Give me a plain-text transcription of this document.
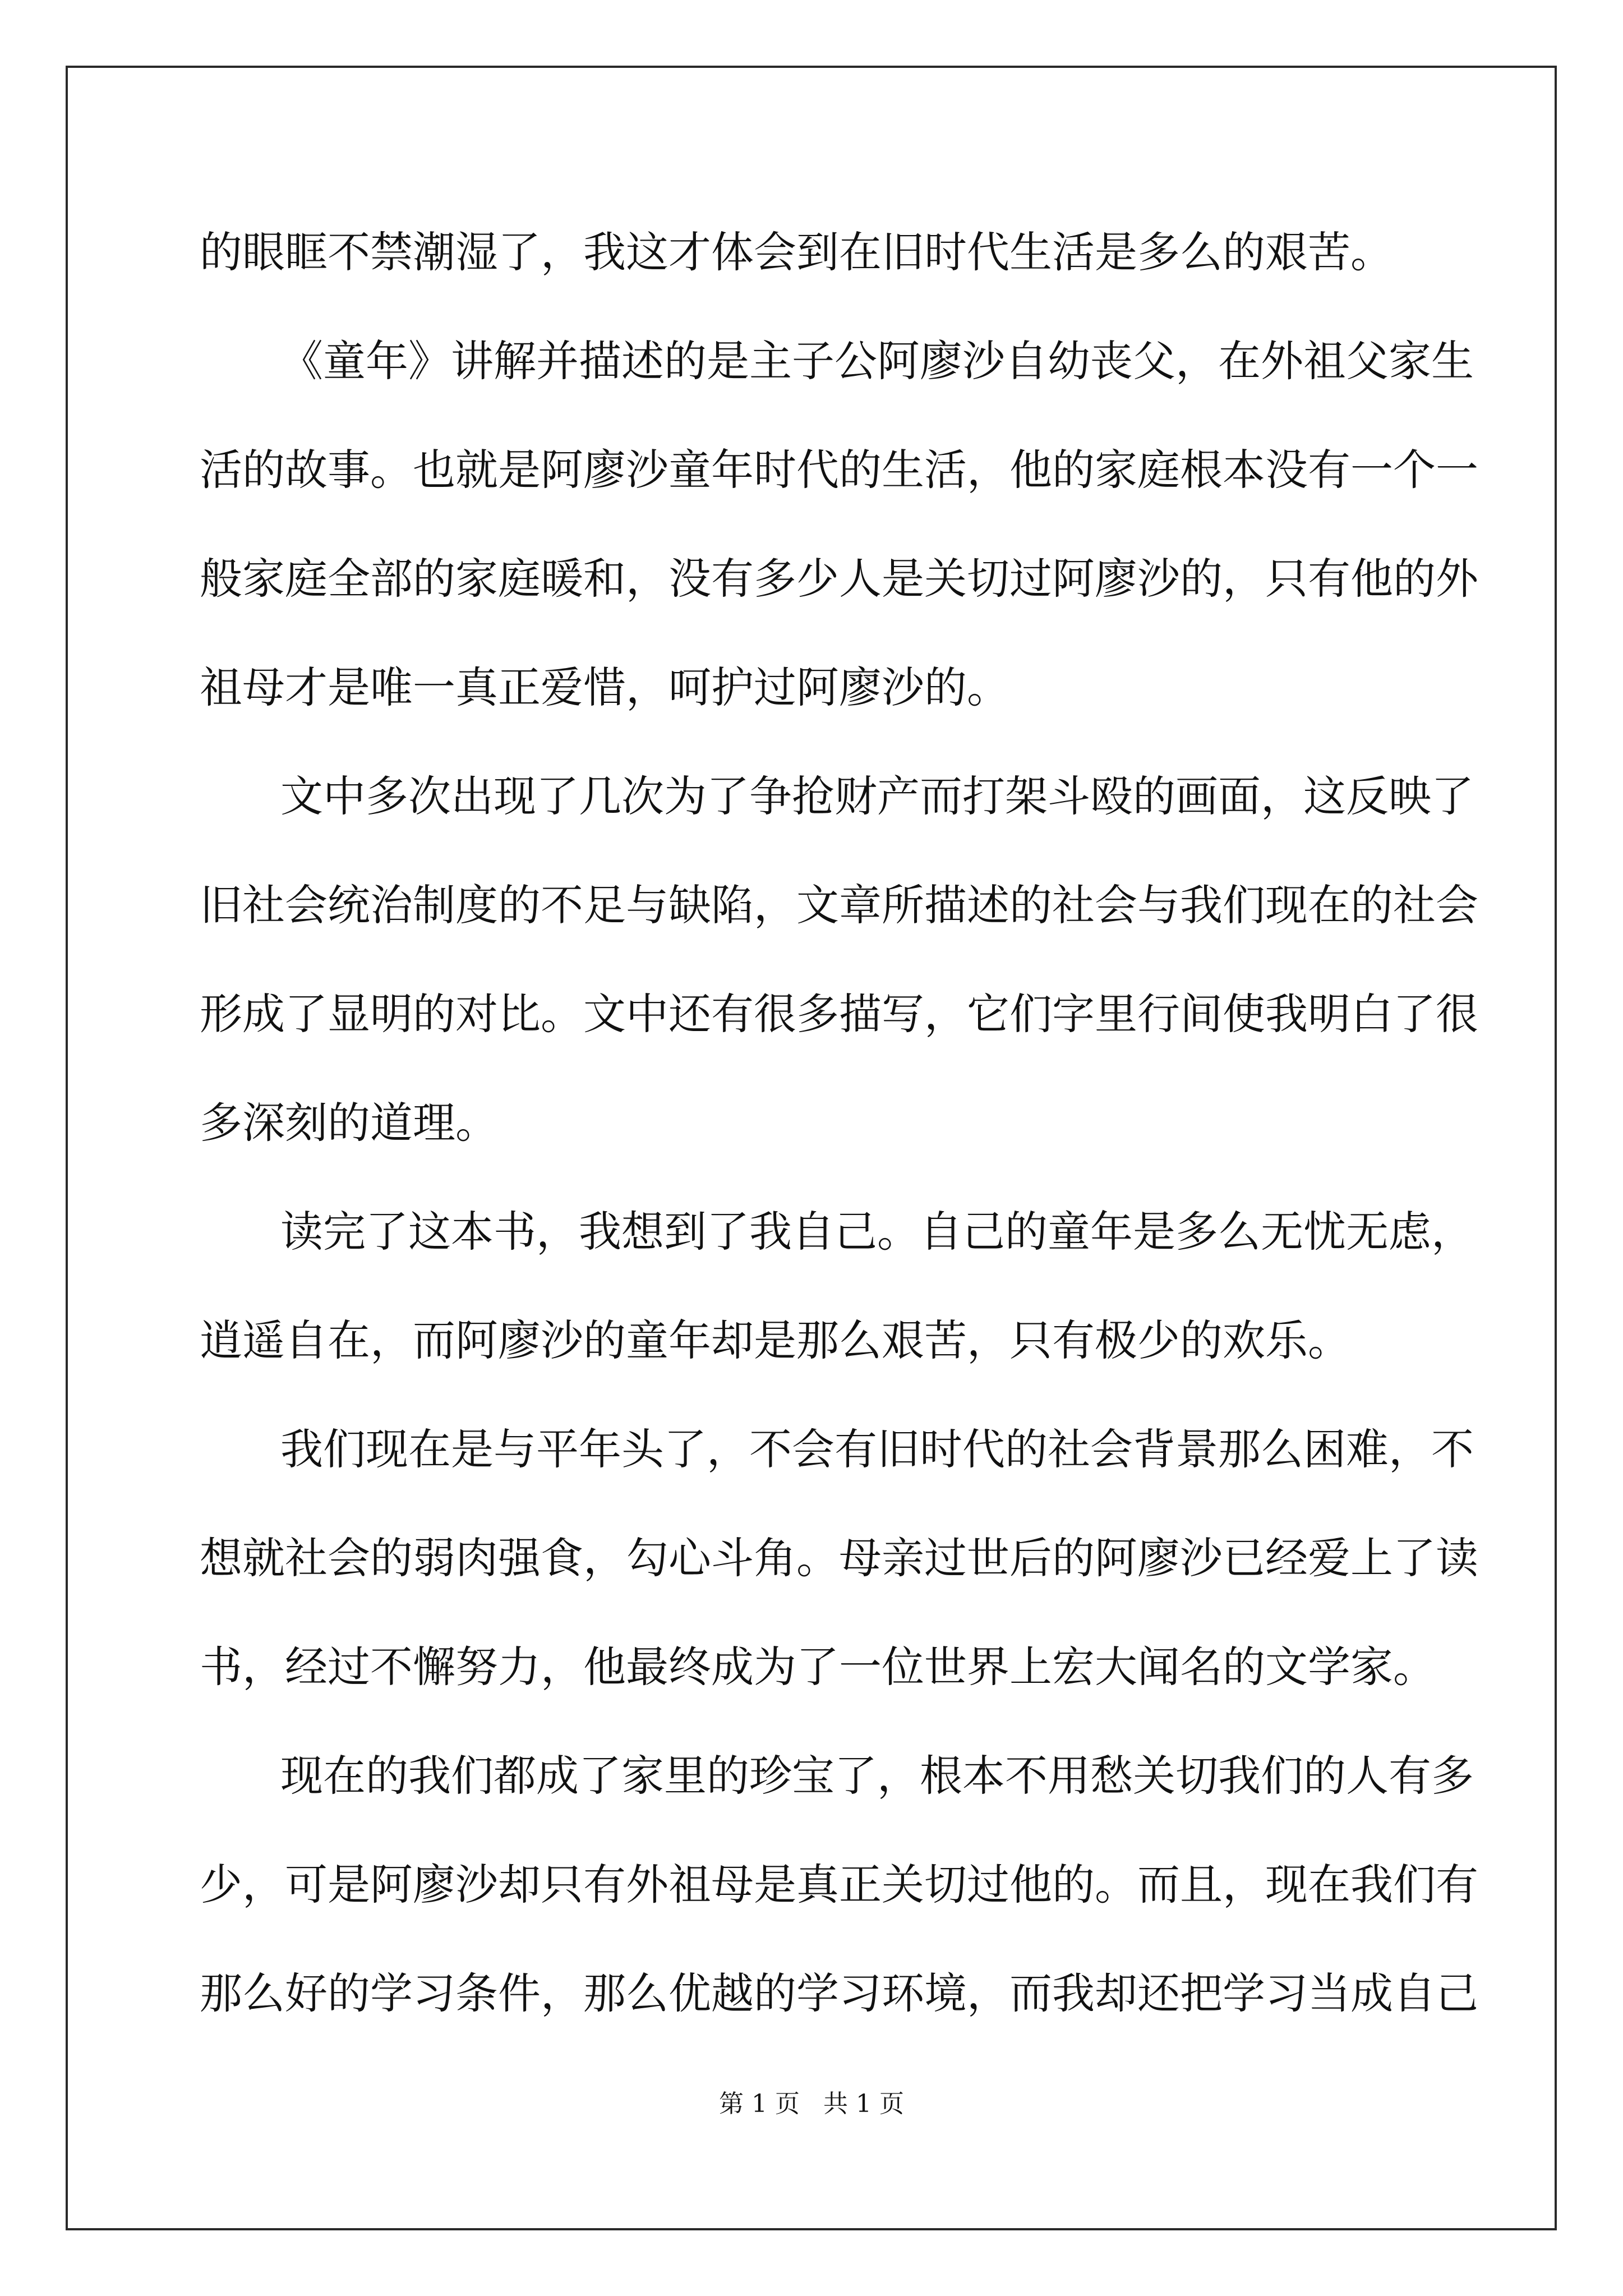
的眼眶不禁潮湿了，我这才体会到在旧时代生活是多么的艰苦。
《童年》讲解并描述的是主子公阿廖沙自幼丧父，在外祖父家生
活的故事。也就是阿廖沙童年时代的生活，他的家庭根本没有一个一
般家庭全部的家庭暖和，没有多少人是关切过阿廖沙的，只有他的外
祖母才是唯一真正爱惜，呵护过阿廖沙的。
文中多次出现了几次为了争抢财产而打架斗殴的画面，这反映了
旧社会统治制度的不足与缺陷，文章所描述的社会与我们现在的社会
形成了显明的对比。文中还有很多描写，它们字里行间使我明白了很
多深刻的道理。
读完了这本书，我想到了我自己。自己的童年是多么无忧无虑，
逍遥自在，而阿廖沙的童年却是那么艰苦，只有极少的欢乐。
我们现在是与平年头了，不会有旧时代的社会背景那么困难，不
想就社会的弱肉强食，勾心斗角。母亲过世后的阿廖沙已经爱上了读
书，经过不懈努力，他最终成为了一位世界上宏大闻名的文学家。
现在的我们都成了家里的珍宝了，根本不用愁关切我们的人有多
少，可是阿廖沙却只有外祖母是真正关切过他的。而且，现在我们有
那么好的学习条件，那么优越的学习环境，而我却还把学习当成自己
第 1 页   共 1 页
